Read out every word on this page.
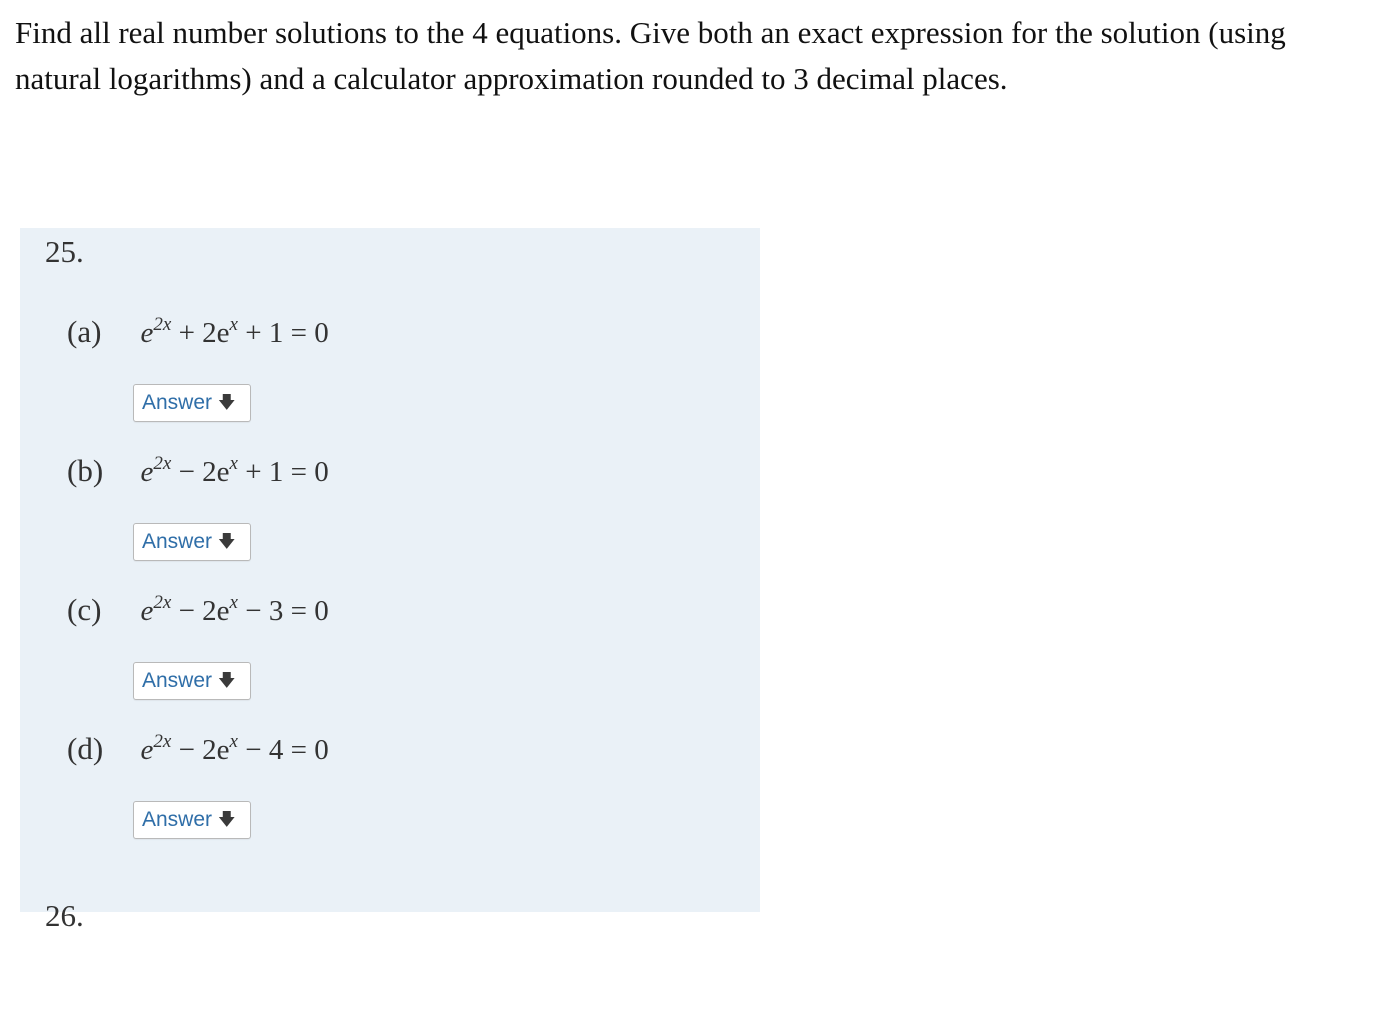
Find all real number solutions to the 4 equations. Give both an exact expression for the solution (using natural logarithms) and a calculator approximation rounded to 3 decimal places.

25.
(a) $e^{2x} + 2e^x + 1 = 0$
Answer 🡇
(b) $e^{2x} - 2e^x + 1 = 0$
Answer 🡇
(c) $e^{2x} - 2e^x - 3 = 0$
Answer 🡇
(d) $e^{2x} - 2e^x - 4 = 0$
Answer 🡇
26.
